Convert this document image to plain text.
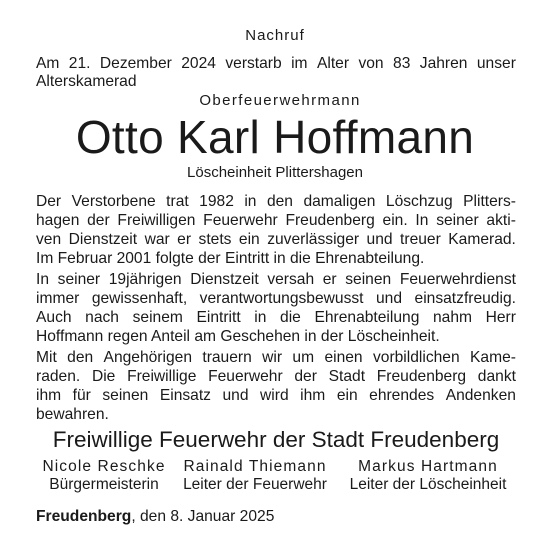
Nachruf
Am 21. Dezember 2024 verstarb im Alter von 83 Jahren unser
Alterskamerad
Oberfeuerwehrmann
Otto Karl Hoffmann
Löscheinheit Plittershagen
Der Verstorbene trat 1982 in den damaligen Löschzug Plitters-
hagen der Freiwilligen Feuerwehr Freudenberg ein. In seiner akti-
ven Dienstzeit war er stets ein zuverlässiger und treuer Kamerad.
Im Februar 2001 folgte der Eintritt in die Ehrenabteilung.
In seiner 19jährigen Dienstzeit versah er seinen Feuerwehrdienst
immer gewissenhaft, verantwortungsbewusst und einsatzfreudig.
Auch nach seinem Eintritt in die Ehrenabteilung nahm Herr
Hoffmann regen Anteil am Geschehen in der Löscheinheit.
Mit den Angehörigen trauern wir um einen vorbildlichen Kame-
raden. Die Freiwillige Feuerwehr der Stadt Freudenberg dankt
ihm für seinen Einsatz und wird ihm ein ehrendes Andenken
bewahren.
Freiwillige Feuerwehr der Stadt Freudenberg
Nicole Reschke
Bürgermeisterin
Rainald Thiemann
Leiter der Feuerwehr
Markus Hartmann
Leiter der Löscheinheit
Freudenberg, den 8. Januar 2025
